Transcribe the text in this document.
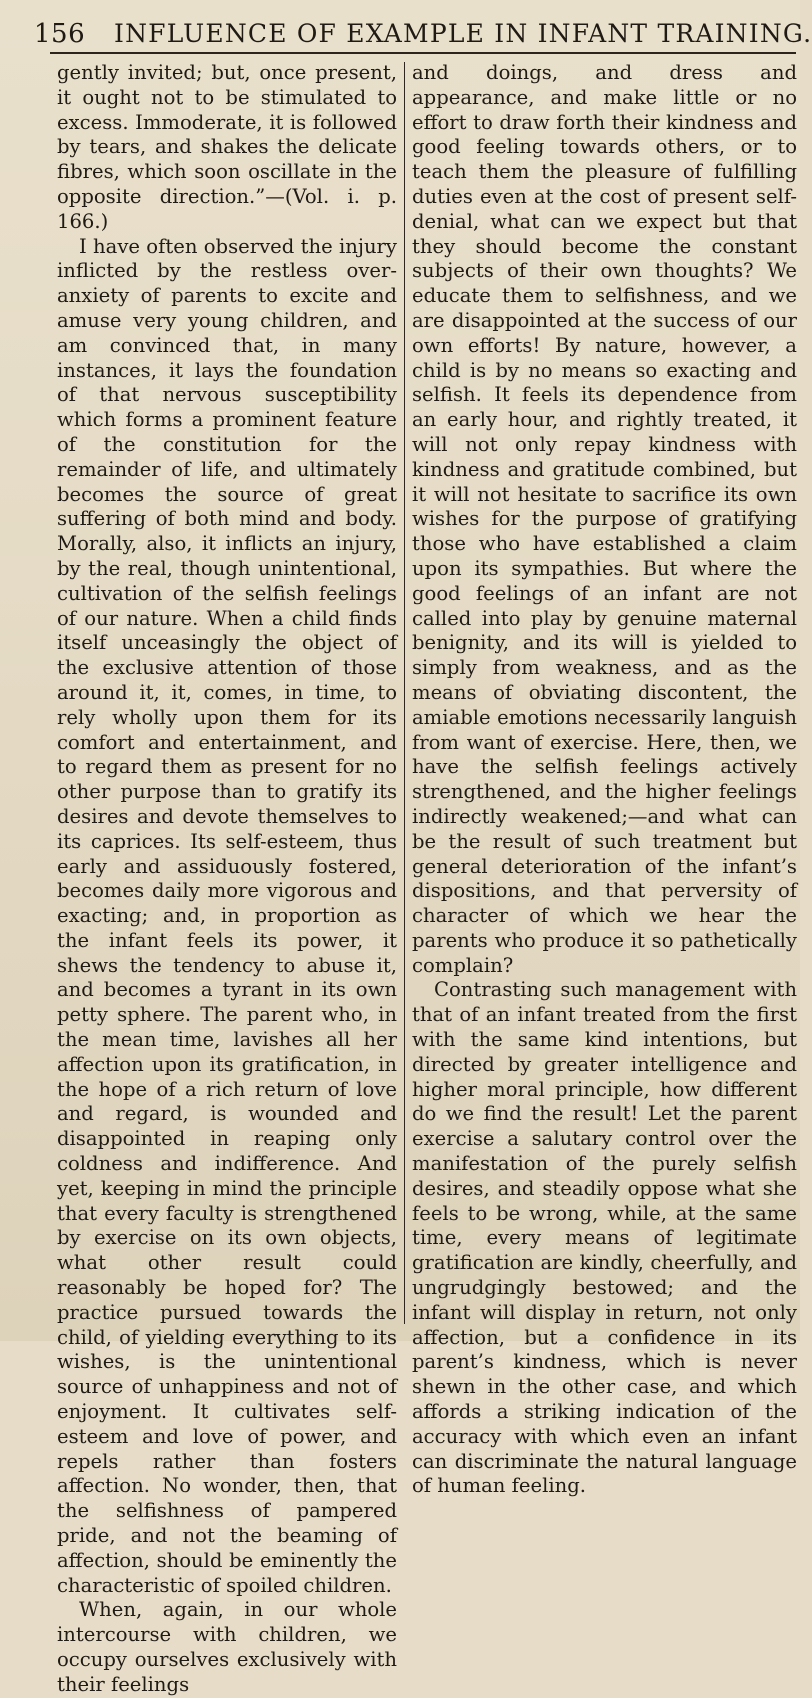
156 INFLUENCE OF EXAMPLE IN INFANT TRAINING.

gently invited; but, once present, it ought not to be stimulated to excess. Immoderate, it is followed by tears, and shakes the delicate fibres, which soon oscillate in the opposite direction.”—(Vol. i. p. 166.)

I have often observed the injury inflicted by the restless over-anxiety of parents to excite and amuse very young children, and am convinced that, in many instances, it lays the foundation of that nervous susceptibility which forms a prominent feature of the constitution for the remainder of life, and ultimately becomes the source of great suffering of both mind and body. Morally, also, it inflicts an injury, by the real, though unintentional, cultivation of the selfish feelings of our nature. When a child finds itself unceasingly the object of the exclusive attention of those around it, it, comes, in time, to rely wholly upon them for its comfort and entertainment, and to regard them as present for no other purpose than to gratify its desires and devote themselves to its caprices. Its self-esteem, thus early and assiduously fostered, becomes daily more vigorous and exacting; and, in proportion as the infant feels its power, it shews the tendency to abuse it, and becomes a tyrant in its own petty sphere. The parent who, in the mean time, lavishes all her affection upon its gratification, in the hope of a rich return of love and regard, is wounded and disappointed in reaping only coldness and indifference. And yet, keeping in mind the principle that every faculty is strengthened by exercise on its own objects, what other result could reasonably be hoped for? The practice pursued towards the child, of yielding everything to its wishes, is the unintentional source of unhappiness and not of enjoyment. It cultivates self-esteem and love of power, and repels rather than fosters affection. No wonder, then, that the selfishness of pampered pride, and not the beaming of affection, should be eminently the characteristic of spoiled children.

When, again, in our whole intercourse with children, we occupy ourselves exclusively with their feelings

and doings, and dress and appearance, and make little or no effort to draw forth their kindness and good feeling towards others, or to teach them the pleasure of fulfilling duties even at the cost of present self-denial, what can we expect but that they should become the constant subjects of their own thoughts? We educate them to selfishness, and we are disappointed at the success of our own efforts! By nature, however, a child is by no means so exacting and selfish. It feels its dependence from an early hour, and rightly treated, it will not only repay kindness with kindness and gratitude combined, but it will not hesitate to sacrifice its own wishes for the purpose of gratifying those who have established a claim upon its sympathies. But where the good feelings of an infant are not called into play by genuine maternal benignity, and its will is yielded to simply from weakness, and as the means of obviating discontent, the amiable emotions necessarily languish from want of exercise. Here, then, we have the selfish feelings actively strengthened, and the higher feelings indirectly weakened;—and what can be the result of such treatment but general deterioration of the infant’s dispositions, and that perversity of character of which we hear the parents who produce it so pathetically complain?

Contrasting such management with that of an infant treated from the first with the same kind intentions, but directed by greater intelligence and higher moral principle, how different do we find the result! Let the parent exercise a salutary control over the manifestation of the purely selfish desires, and steadily oppose what she feels to be wrong, while, at the same time, every means of legitimate gratification are kindly, cheerfully, and ungrudgingly bestowed; and the infant will display in return, not only affection, but a confidence in its parent’s kindness, which is never shewn in the other case, and which affords a striking indication of the accuracy with which even an infant can discriminate the natural language of human feeling.
